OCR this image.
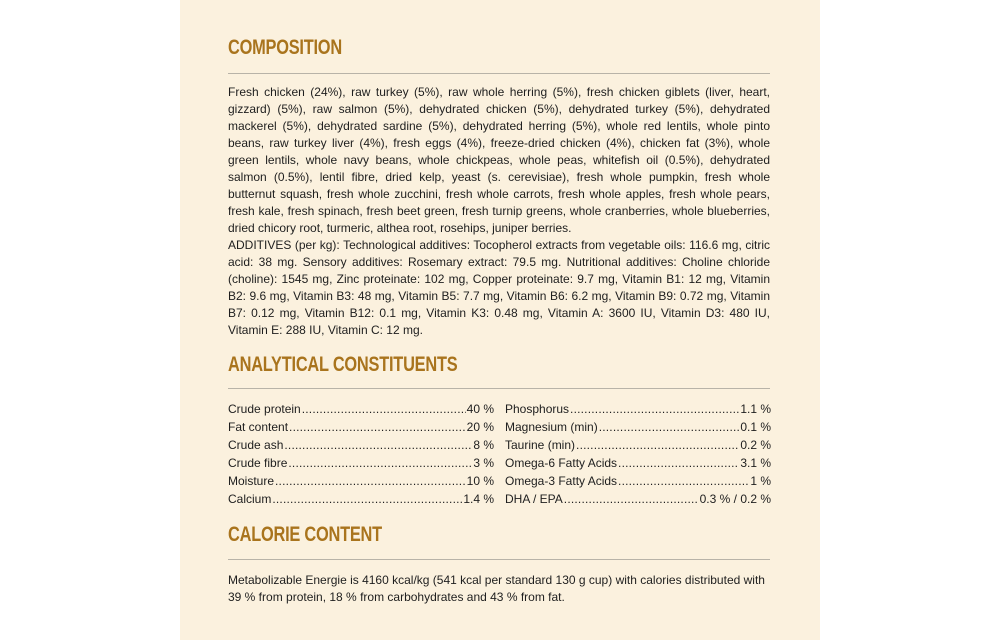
COMPOSITION

Fresh chicken (24%), raw turkey (5%), raw whole herring (5%), fresh chicken giblets (liver, heart, gizzard) (5%), raw salmon (5%), dehydrated chicken (5%), dehydrated turkey (5%), dehydrated mackerel (5%), dehydrated sardine (5%), dehydrated herring (5%), whole red lentils, whole pinto beans, raw turkey liver (4%), fresh eggs (4%), freeze-dried chicken (4%), chicken fat (3%), whole green lentils, whole navy beans, whole chickpeas, whole peas, whitefish oil (0.5%), dehydrated salmon (0.5%), lentil fibre, dried kelp, yeast (s. cerevisiae), fresh whole pumpkin, fresh whole butternut squash, fresh whole zucchini, fresh whole carrots, fresh whole apples, fresh whole pears, fresh kale, fresh spinach, fresh beet green, fresh turnip greens, whole cranberries, whole blueberries, dried chicory root, turmeric, althea root, rosehips, juniper berries.

ADDITIVES (per kg): Technological additives: Tocopherol extracts from vegetable oils: 116.6 mg, citric acid: 38 mg. Sensory additives: Rosemary extract: 79.5 mg. Nutritional additives: Choline chloride (choline): 1545 mg, Zinc proteinate: 102 mg, Copper proteinate: 9.7 mg, Vitamin B1: 12 mg, Vitamin B2: 9.6 mg, Vitamin B3: 48 mg, Vitamin B5: 7.7 mg, Vitamin B6: 6.2 mg, Vitamin B9: 0.72 mg, Vitamin B7: 0.12 mg, Vitamin B12: 0.1 mg, Vitamin K3: 0.48 mg, Vitamin A: 3600 IU, Vitamin D3: 480 IU, Vitamin E: 288 IU, Vitamin C: 12 mg.

ANALYTICAL CONSTITUENTS
Crude protein .....	40 %
Fat content .....	20 %
Crude ash .....	8 %
Crude fibre .....	3 %
Moisture .....	10 %
Calcium .....	1.4 %
Phosphorus .....	1.1 %
Magnesium (min) .....	0.1 %
Taurine (min) .....	0.2 %
Omega-6 Fatty Acids .....	3.1 %
Omega-3 Fatty Acids .....	1 %
DHA / EPA .....	0.3 % / 0.2 %
CALORIE CONTENT

Metabolizable Energie is 4160 kcal/kg (541 kcal per standard 130 g cup) with calories distributed with 39 % from protein, 18 % from carbohydrates and 43 % from fat.
